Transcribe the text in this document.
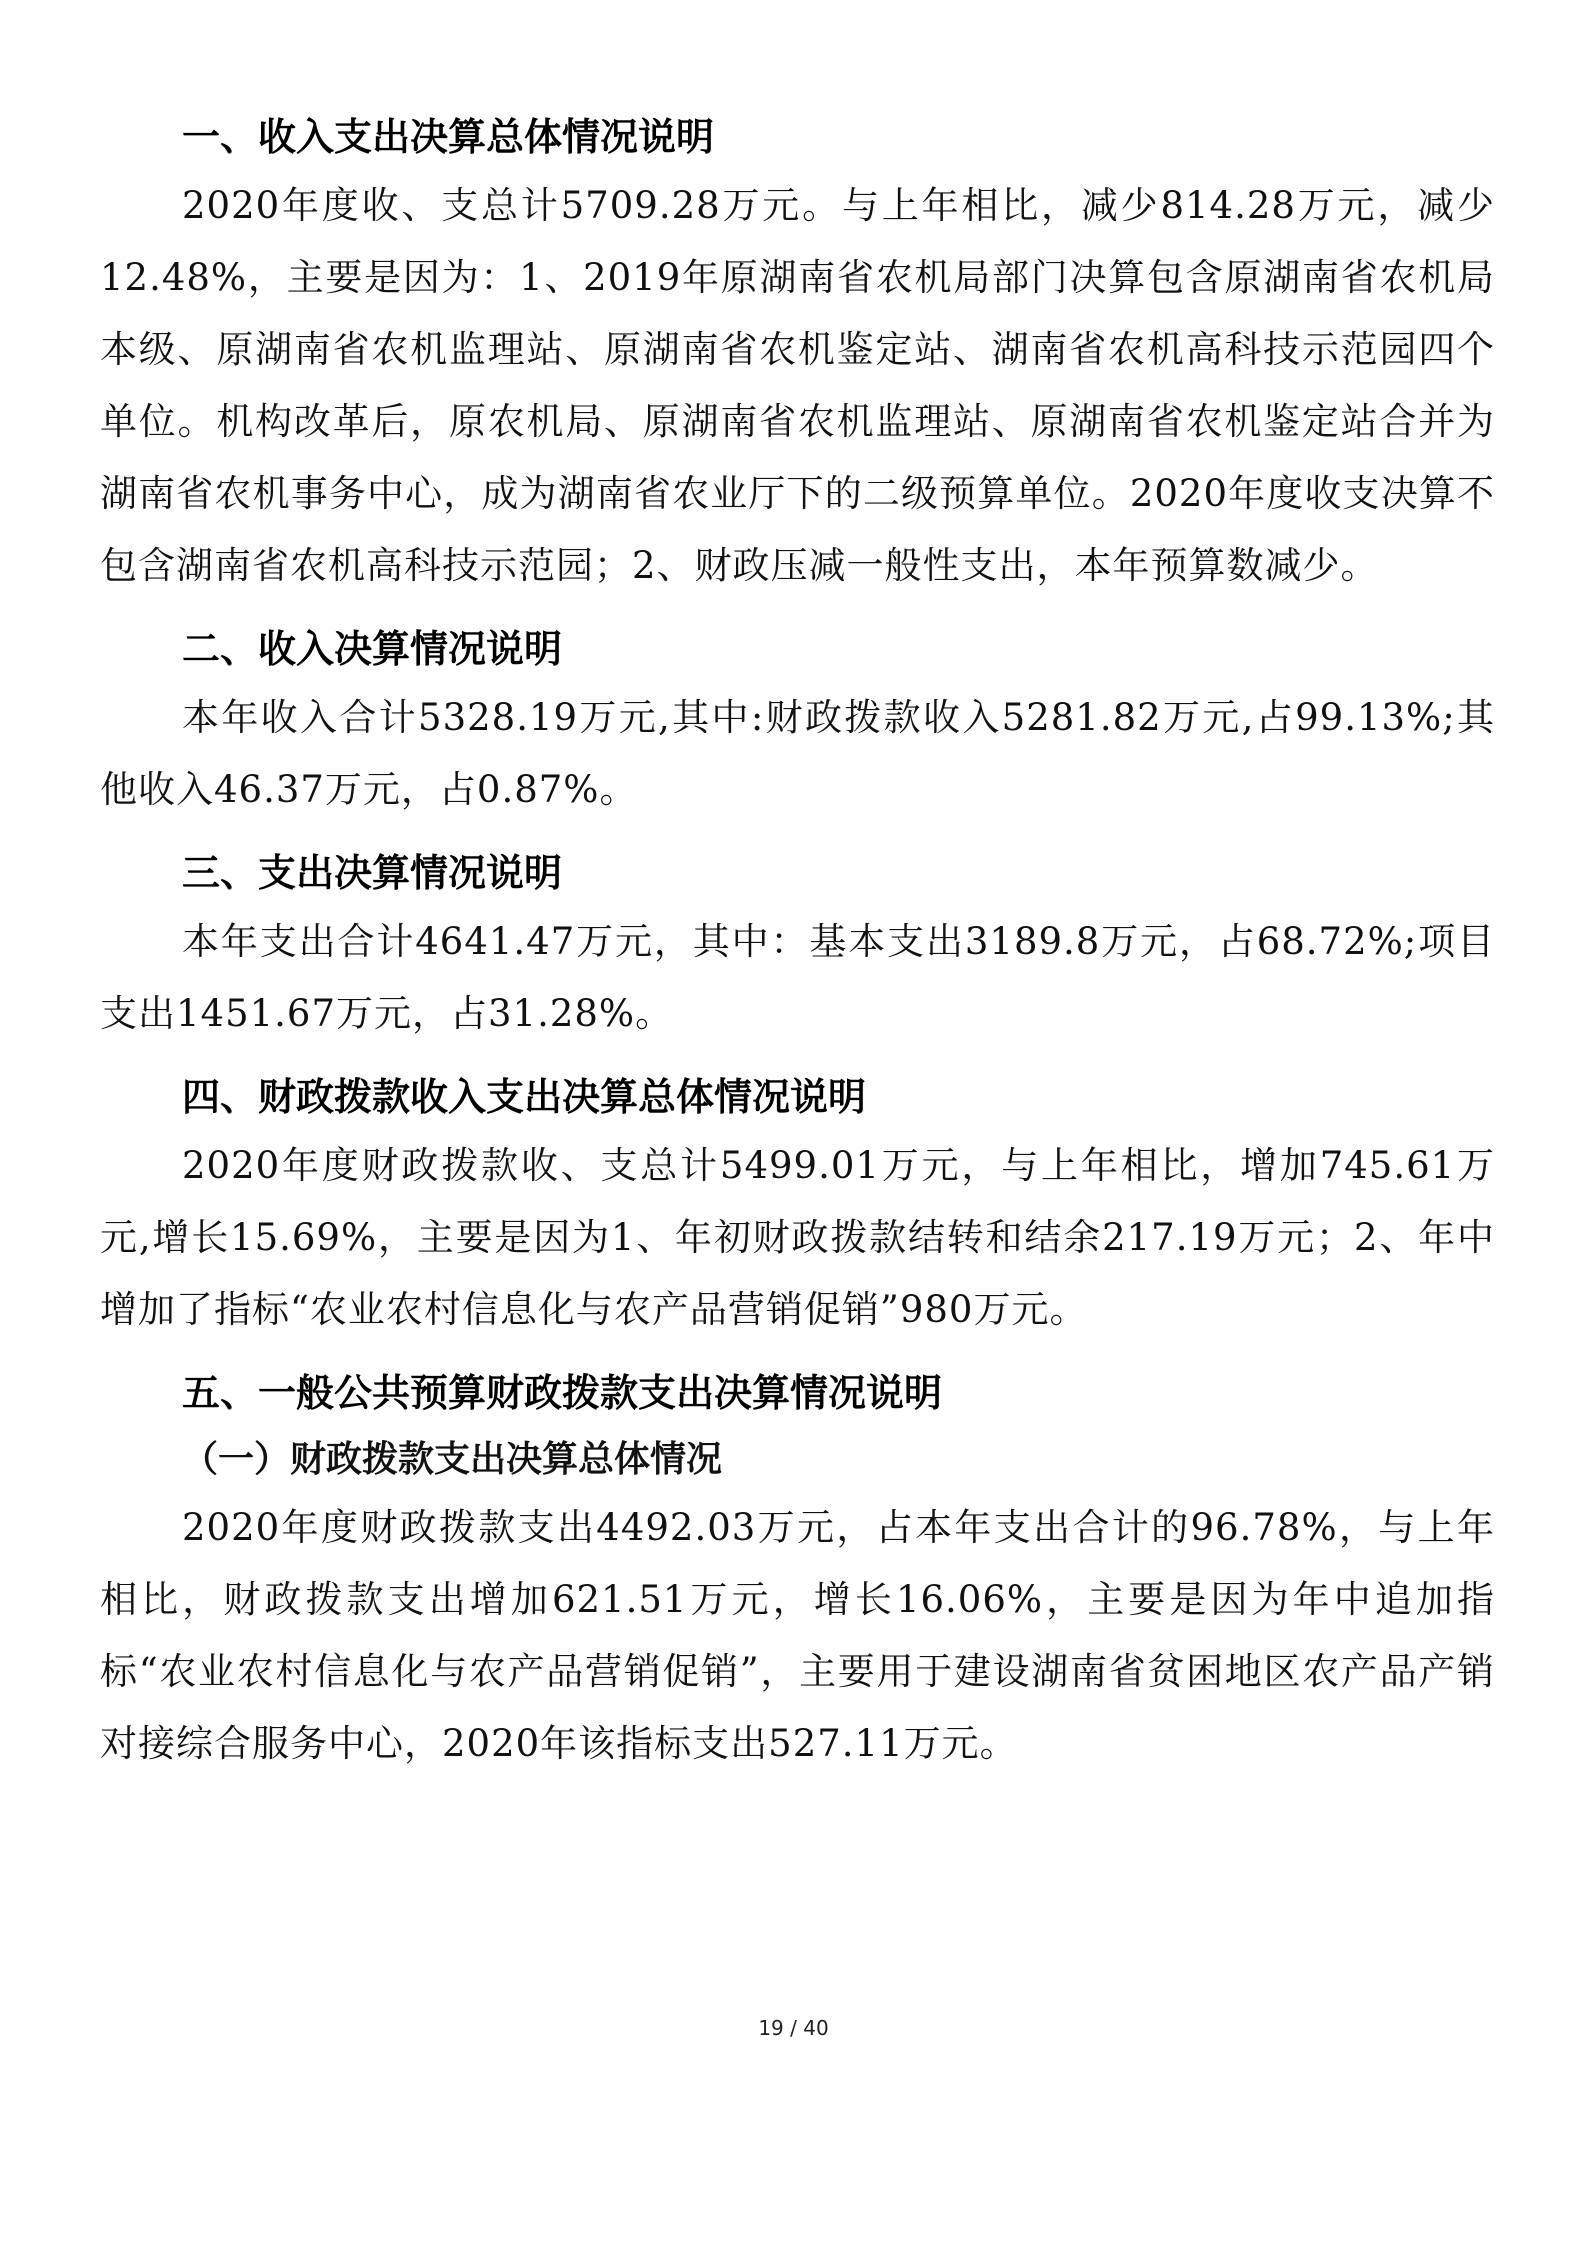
一、收入支出决算总体情况说明

2020年度收、支总计5709.28万元。与上年相比，减少814.28万元，减少12.48%，主要是因为：1、2019年原湖南省农机局部门决算包含原湖南省农机局本级、原湖南省农机监理站、原湖南省农机鉴定站、湖南省农机高科技示范园四个单位。机构改革后，原农机局、原湖南省农机监理站、原湖南省农机鉴定站合并为湖南省农机事务中心，成为湖南省农业厅下的二级预算单位。2020年度收支决算不包含湖南省农机高科技示范园；2、财政压减一般性支出，本年预算数减少。

二、收入决算情况说明

本年收入合计5328.19万元,其中:财政拨款收入5281.82万元,占99.13%;其他收入46.37万元，占0.87%。

三、支出决算情况说明

本年支出合计4641.47万元，其中：基本支出3189.8万元，占68.72%;项目支出1451.67万元，占31.28%。

四、财政拨款收入支出决算总体情况说明

2020年度财政拨款收、支总计5499.01万元，与上年相比，增加745.61万元,增长15.69%，主要是因为1、年初财政拨款结转和结余217.19万元；2、年中增加了指标“农业农村信息化与农产品营销促销”980万元。

五、一般公共预算财政拨款支出决算情况说明
（一）财政拨款支出决算总体情况

2020年度财政拨款支出4492.03万元，占本年支出合计的96.78%，与上年相比，财政拨款支出增加621.51万元，增长16.06%，主要是因为年中追加指标“农业农村信息化与农产品营销促销”，主要用于建设湖南省贫困地区农产品产销对接综合服务中心，2020年该指标支出527.11万元。

19 / 40
